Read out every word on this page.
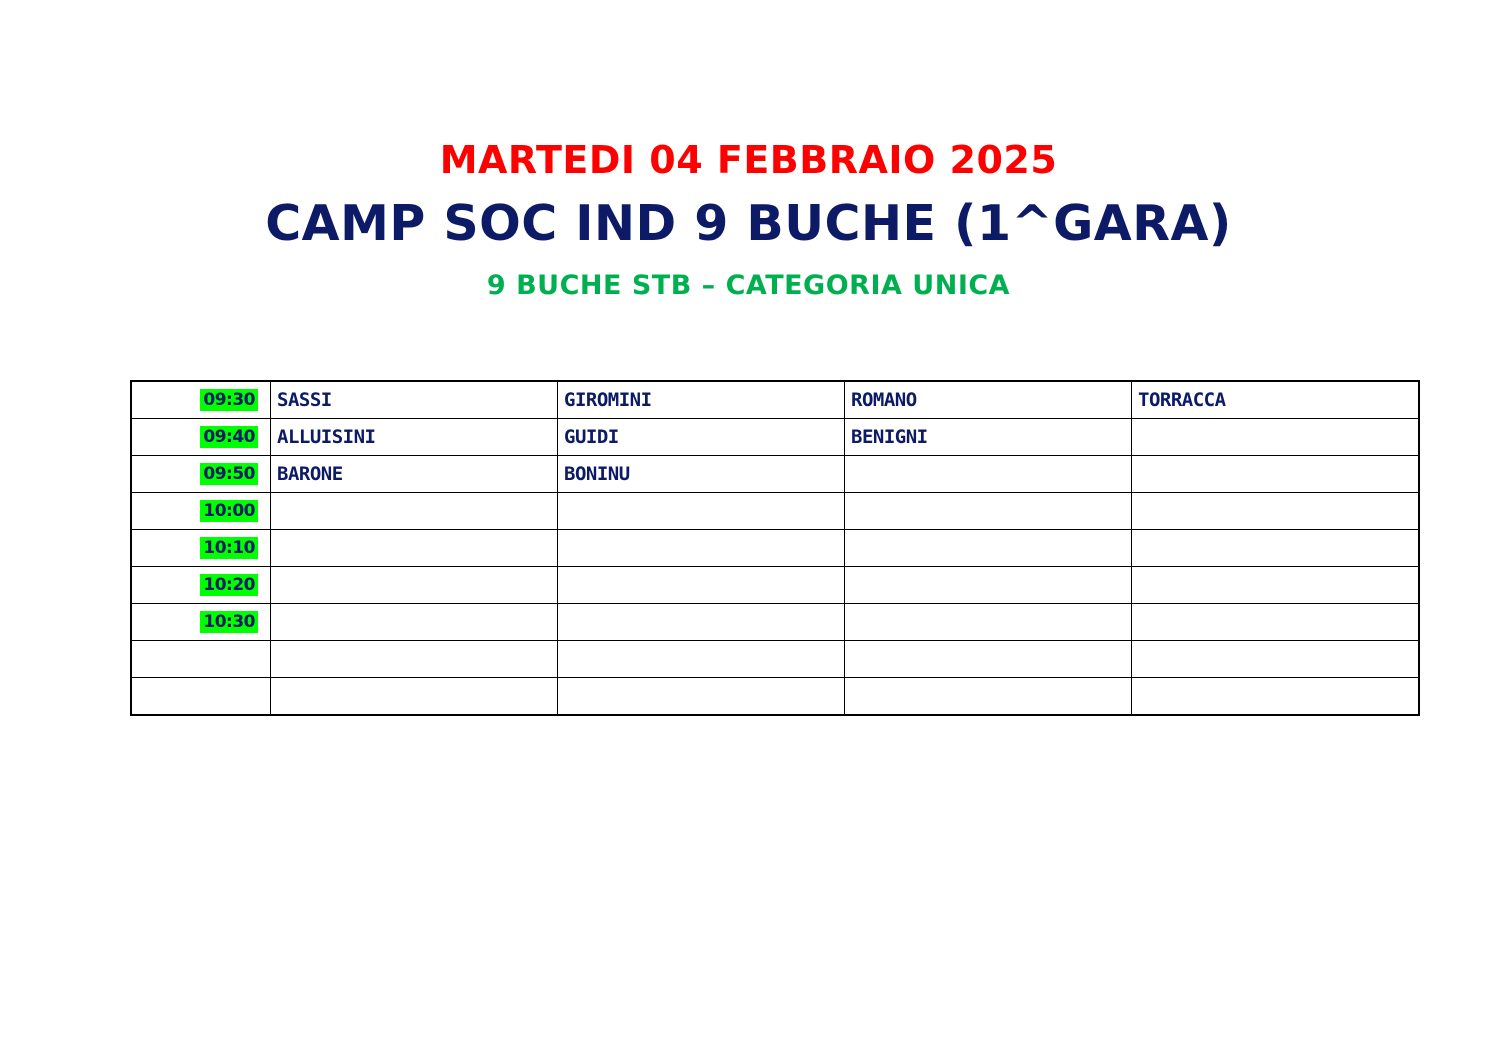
MARTEDI 04 FEBBRAIO 2025
CAMP SOC IND 9 BUCHE (1^GARA)
9 BUCHE STB – CATEGORIA UNICA
09:30	SASSI	GIROMINI	ROMANO	TORRACCA
09:40	ALLUISINI	GUIDI	BENIGNI	
09:50	BARONE	BONINU		
10:00				
10:10				
10:20				
10:30				
